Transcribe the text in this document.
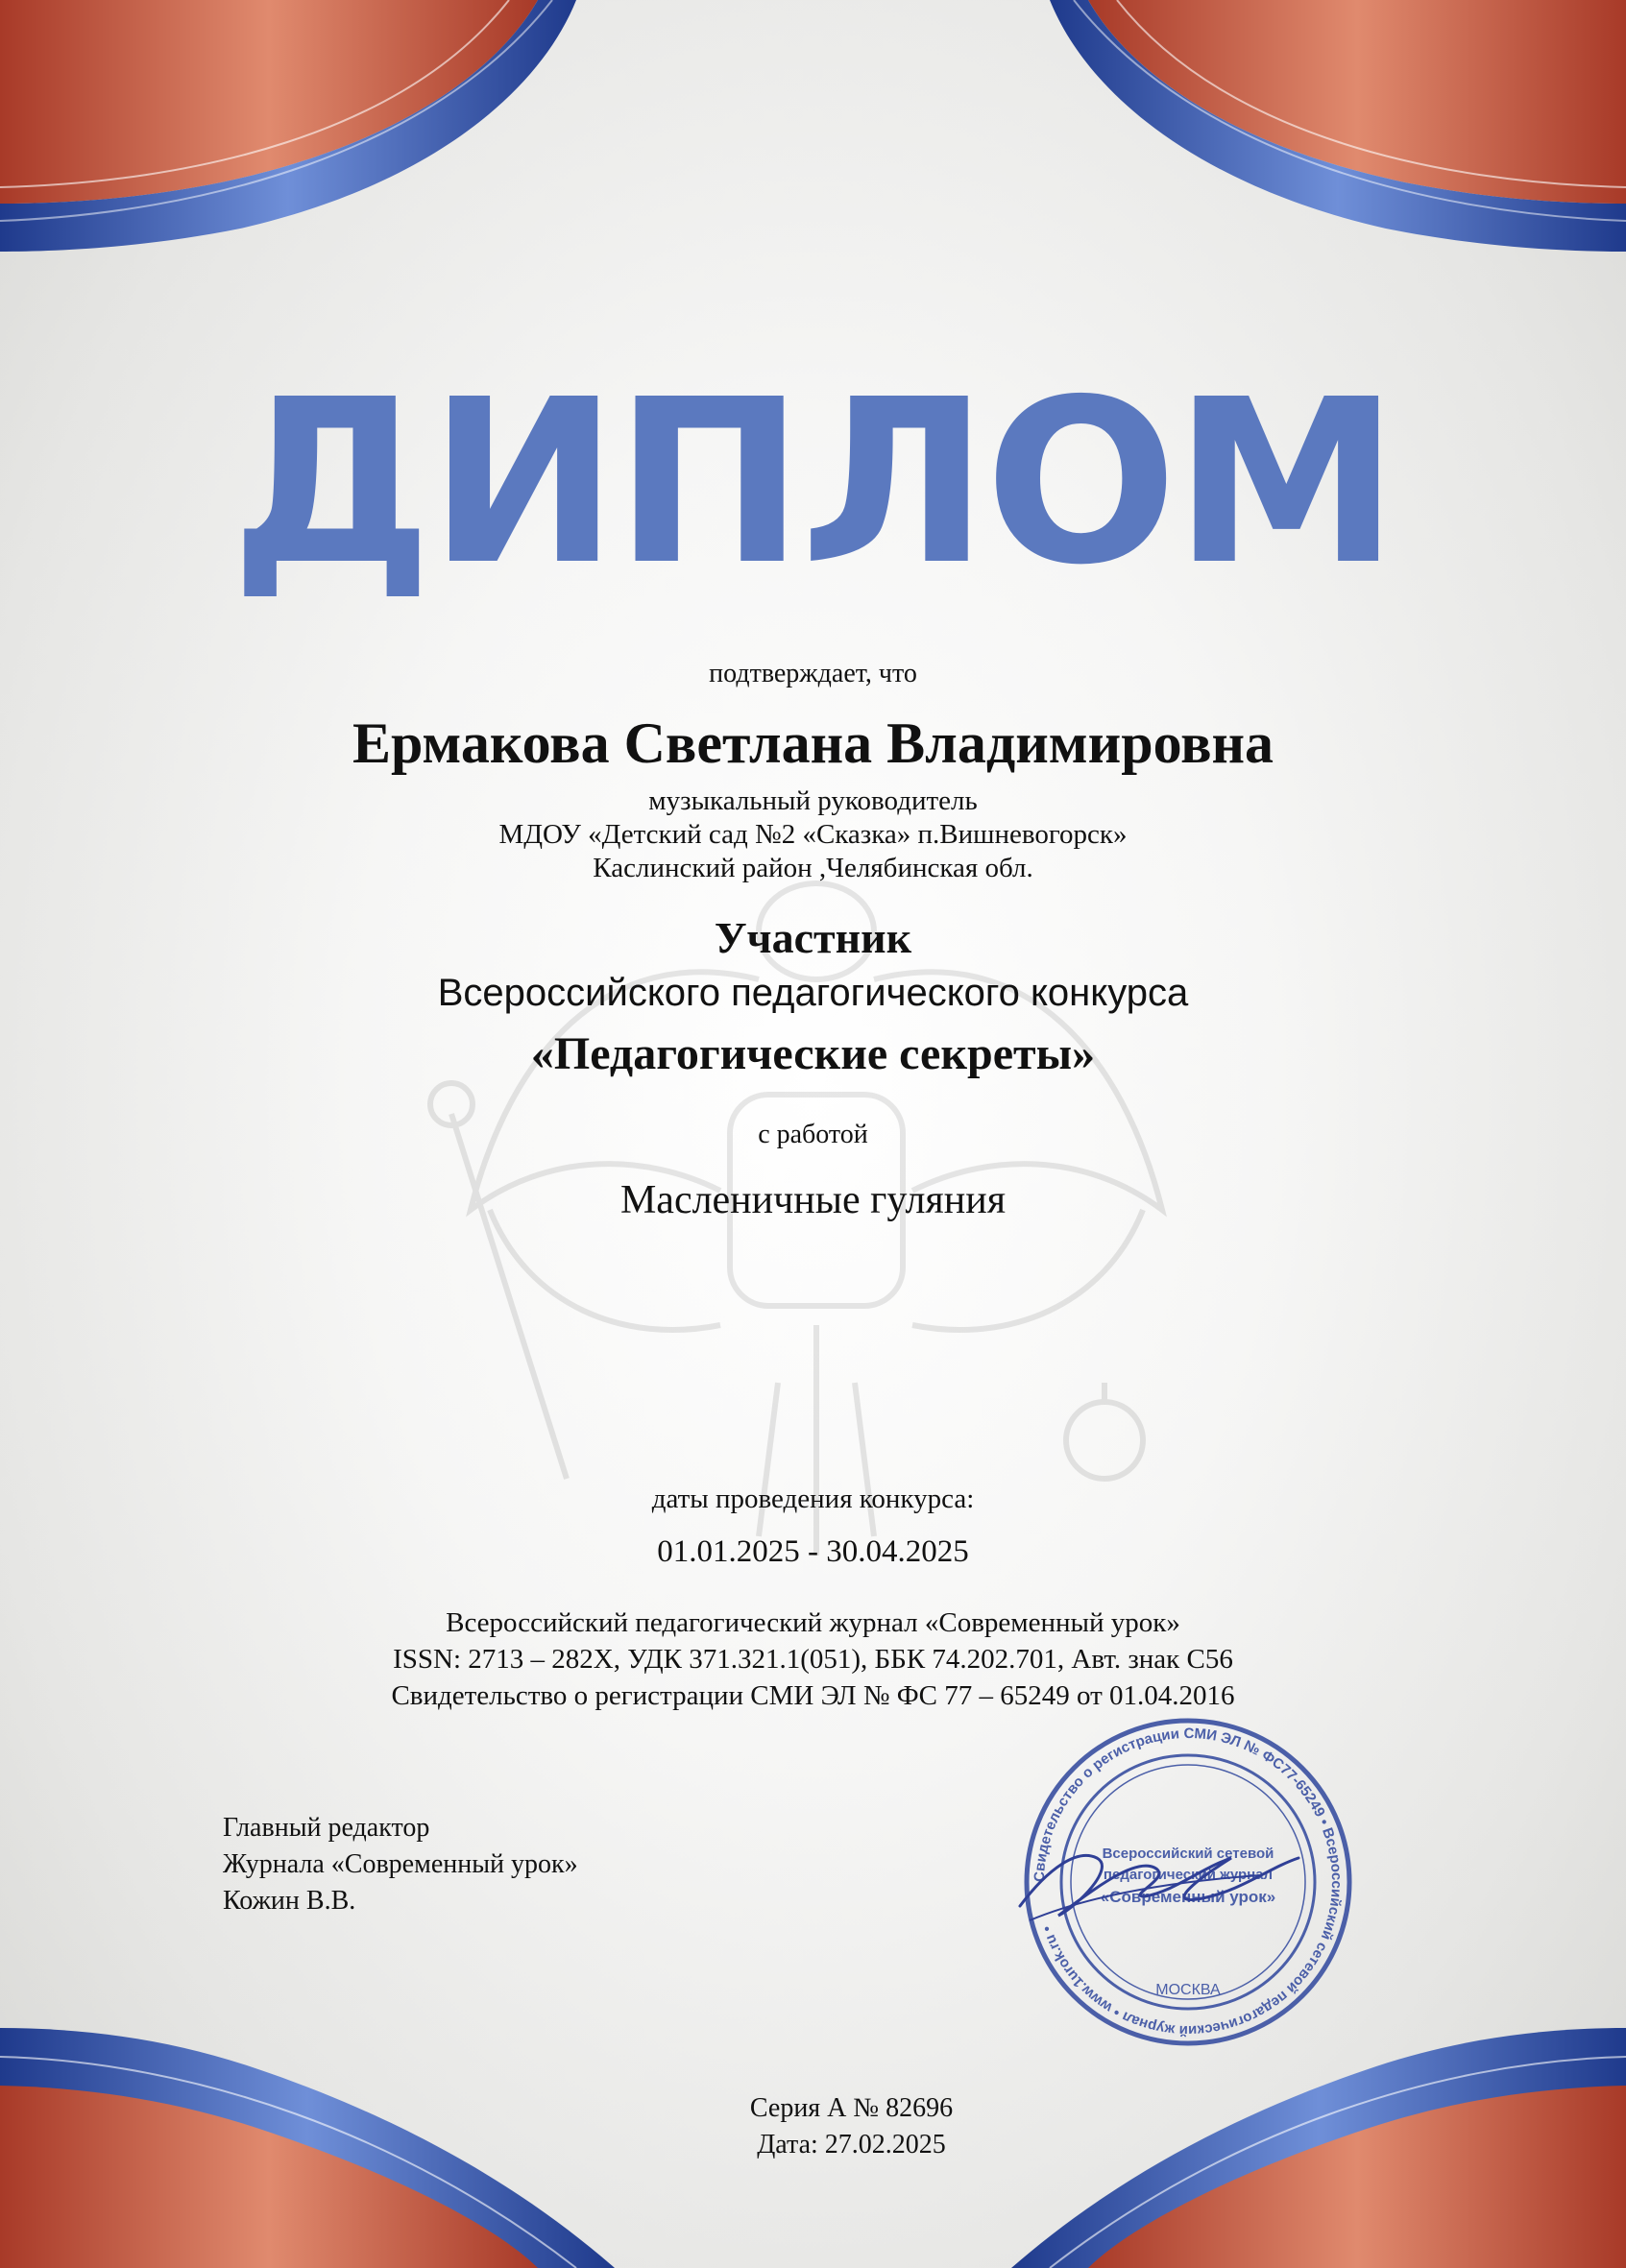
ДИПЛОМ

подтверждает, что

Ермакова Светлана Владимировна

музыкальный руководитель

МДОУ «Детский сад №2 «Сказка» п.Вишневогорск»

Каслинский район ,Челябинская обл.

Участник

Всероссийского педагогического конкурса

«Педагогические секреты»

с работой

Масленичные гуляния

даты проведения конкурса:

01.01.2025 - 30.04.2025

Всероссийский педагогический журнал «Современный урок»

ISSN: 2713 – 282X, УДК 371.321.1(051), ББК 74.202.701, Авт. знак С56

Свидетельство о регистрации СМИ ЭЛ № ФС 77 – 65249 от 01.04.2016

Главный редактор

Журнала «Современный урок»

Кожин В.В.

Свидетельство о регистрации СМИ ЭЛ № ФС77-65249 • Всероссийский сетевой педагогический журнал • www.1urok.ru •
Всероссийский сетевой
педагогический журнал
«Современный урок»
МОСКВА

Серия А № 82696

Дата: 27.02.2025
